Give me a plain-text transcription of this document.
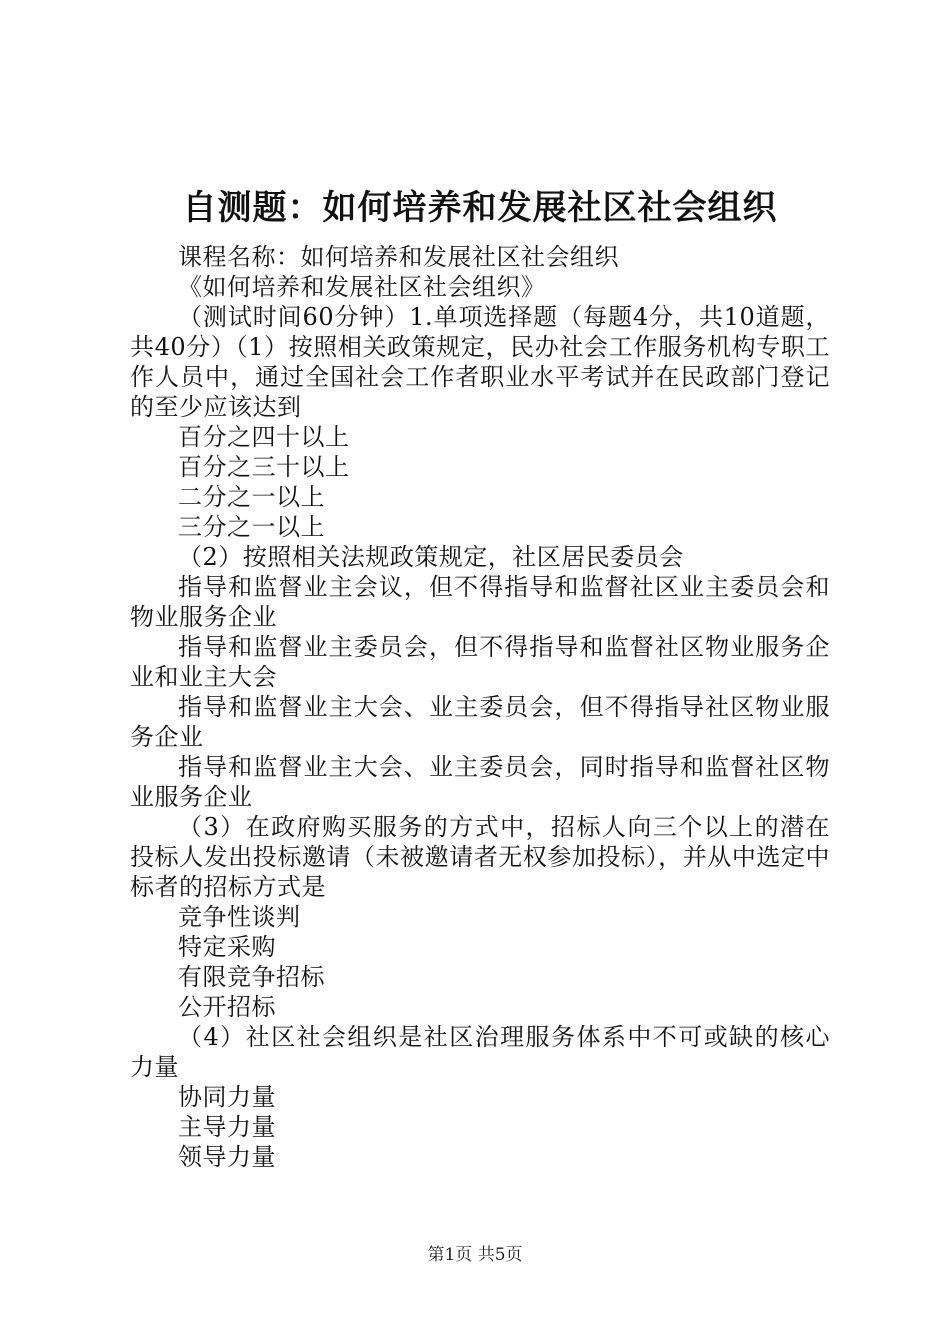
自测题：如何培养和发展社区社会组织

课程名称：如何培养和发展社区社会组织

《如何培养和发展社区社会组织》

（测试时间60分钟）1.单项选择题（每题4分，共10道题，共40分）（1）按照相关政策规定，民办社会工作服务机构专职工作人员中，通过全国社会工作者职业水平考试并在民政部门登记的至少应该达到

百分之四十以上

百分之三十以上

二分之一以上

三分之一以上

（2）按照相关法规政策规定，社区居民委员会

指导和监督业主会议，但不得指导和监督社区业主委员会和物业服务企业

指导和监督业主委员会，但不得指导和监督社区物业服务企业和业主大会

指导和监督业主大会、业主委员会，但不得指导社区物业服务企业

指导和监督业主大会、业主委员会，同时指导和监督社区物业服务企业

（3）在政府购买服务的方式中，招标人向三个以上的潜在投标人发出投标邀请（未被邀请者无权参加投标），并从中选定中标者的招标方式是

竞争性谈判

特定采购

有限竞争招标

公开招标

（4）社区社会组织是社区治理服务体系中不可或缺的核心力量

协同力量

主导力量

领导力量

第1页 共5页
